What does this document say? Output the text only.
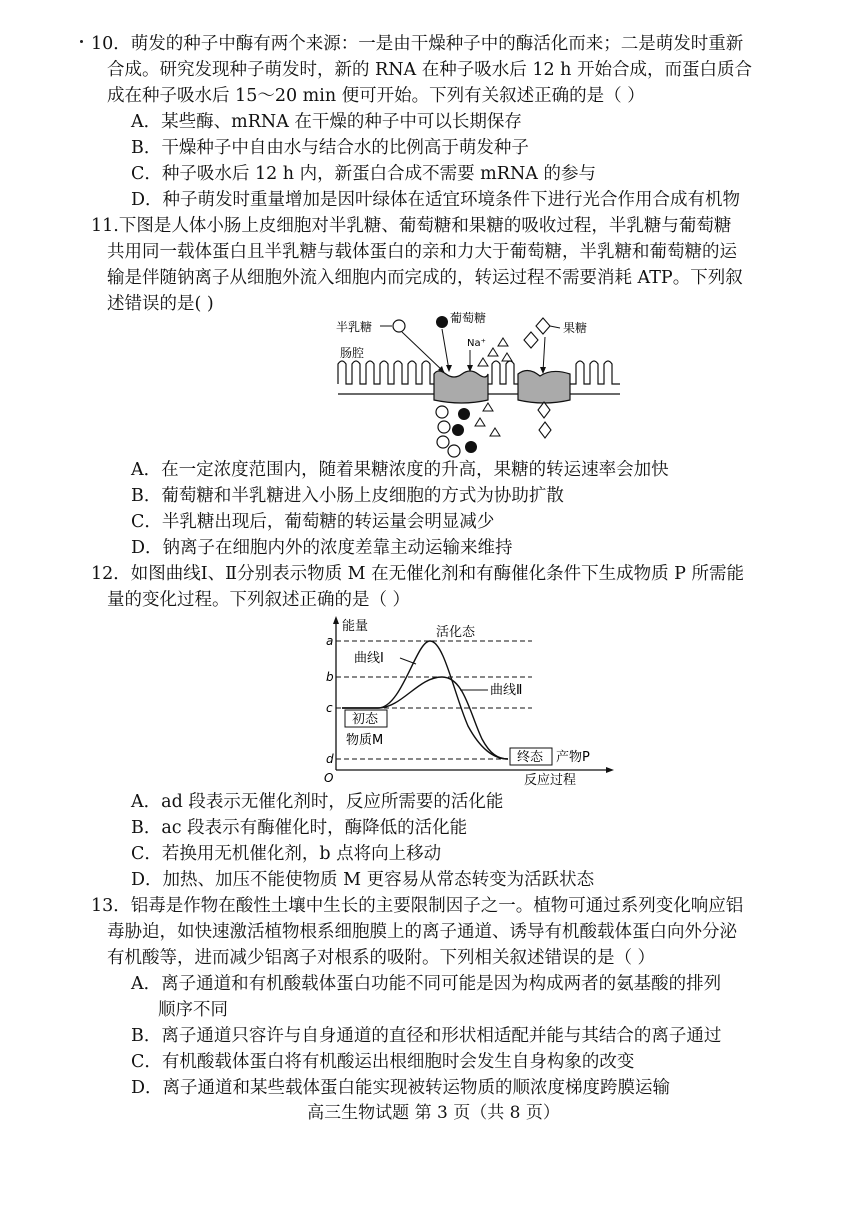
10．萌发的种子中酶有两个来源：一是由干燥种子中的酶活化而来；二是萌发时重新
合成。研究发现种子萌发时，新的 RNA 在种子吸水后 12 h 开始合成，而蛋白质合
成在种子吸水后 15～20 min 便可开始。下列有关叙述正确的是（ ）
A．某些酶、mRNA 在干燥的种子中可以长期保存
B．干燥种子中自由水与结合水的比例高于萌发种子
C．种子吸水后 12 h 内，新蛋白合成不需要 mRNA 的参与
D．种子萌发时重量增加是因叶绿体在适宜环境条件下进行光合作用合成有机物
11.下图是人体小肠上皮细胞对半乳糖、葡萄糖和果糖的吸收过程，半乳糖与葡萄糖
共用同一载体蛋白且半乳糖与载体蛋白的亲和力大于葡萄糖，半乳糖和葡萄糖的运
输是伴随钠离子从细胞外流入细胞内而完成的，转运过程不需要消耗 ATP。下列叙
述错误的是( )
半乳糖
葡萄糖
果糖
Na⁺
肠腔
A．在一定浓度范围内，随着果糖浓度的升高，果糖的转运速率会加快
B．葡萄糖和半乳糖进入小肠上皮细胞的方式为协助扩散
C．半乳糖出现后，葡萄糖的转运量会明显减少
D．钠离子在细胞内外的浓度差靠主动运输来维持
12．如图曲线Ⅰ、Ⅱ分别表示物质 M 在无催化剂和有酶催化条件下生成物质 P 所需能
量的变化过程。下列叙述正确的是（ ）
能量
反应过程
O
a
b
c
d
活化态
曲线Ⅰ
曲线Ⅱ
初态
物质M
终态 产物P
A．ad 段表示无催化剂时，反应所需要的活化能
B．ac 段表示有酶催化时，酶降低的活化能
C．若换用无机催化剂，b 点将向上移动
D．加热、加压不能使物质 M 更容易从常态转变为活跃状态
13．铝毒是作物在酸性土壤中生长的主要限制因子之一。植物可通过系列变化响应铝
毒胁迫，如快速激活植物根系细胞膜上的离子通道、诱导有机酸载体蛋白向外分泌
有机酸等，进而减少铝离子对根系的吸附。下列相关叙述错误的是（ ）
A．离子通道和有机酸载体蛋白功能不同可能是因为构成两者的氨基酸的排列
顺序不同
B．离子通道只容许与自身通道的直径和形状相适配并能与其结合的离子通过
C．有机酸载体蛋白将有机酸运出根细胞时会发生自身构象的改变
D．离子通道和某些载体蛋白能实现被转运物质的顺浓度梯度跨膜运输
高三生物试题 第 3 页（共 8 页）
